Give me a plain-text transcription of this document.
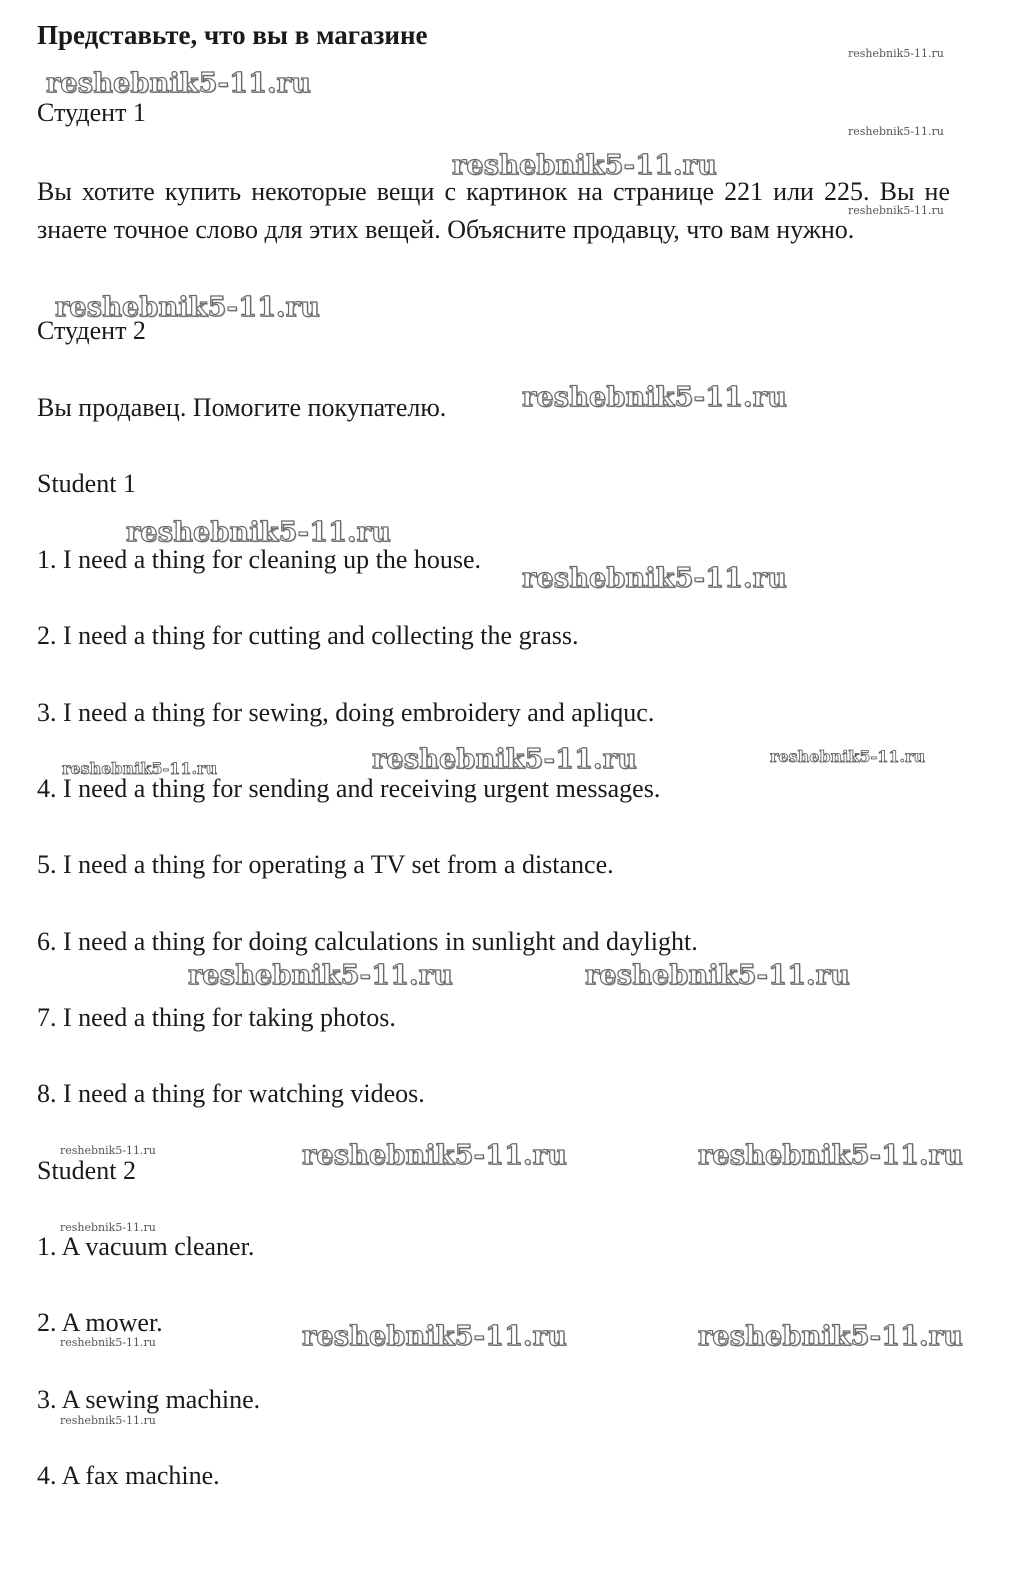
Представьте, что вы в магазине
Студент 1
Вы хотите купить некоторые вещи с картинок на странице 221 или 225. Вы не знаете точное слово для этих вещей. Объясните продавцу, что вам нужно.
Студент 2
Вы продавец. Помогите покупателю.
Student 1
1. I need a thing for cleaning up the house.
2. I need a thing for cutting and collecting the grass.
3. I need a thing for sewing, doing embroidery and apliquc.
4. I need a thing for sending and receiving urgent messages.
5. I need a thing for operating a TV set from a distance.
6. I need a thing for doing calculations in sunlight and daylight.
7. I need a thing for taking photos.
8. I need a thing for watching videos.
Student 2
1. A vacuum cleaner.
2. A mower.
3. A sewing machine.
4. A fax machine.
reshebnik5-11.ru
reshebnik5-11.ru
reshebnik5-11.ru
reshebnik5-11.ru
reshebnik5-11.ru
reshebnik5-11.ru
reshebnik5-11.ru
reshebnik5-11.ru	reshebnik5-11.ru
reshebnik5-11.ru	reshebnik5-11.ru
reshebnik5-11.ru	reshebnik5-11.ru
reshebnik5-11.ru
reshebnik5-11.ru
reshebnik5-11.ru
reshebnik5-11.ru
reshebnik5-11.ru
reshebnik5-11.ru
reshebnik5-11.ru
reshebnik5-11.ru
reshebnik5-11.ru
